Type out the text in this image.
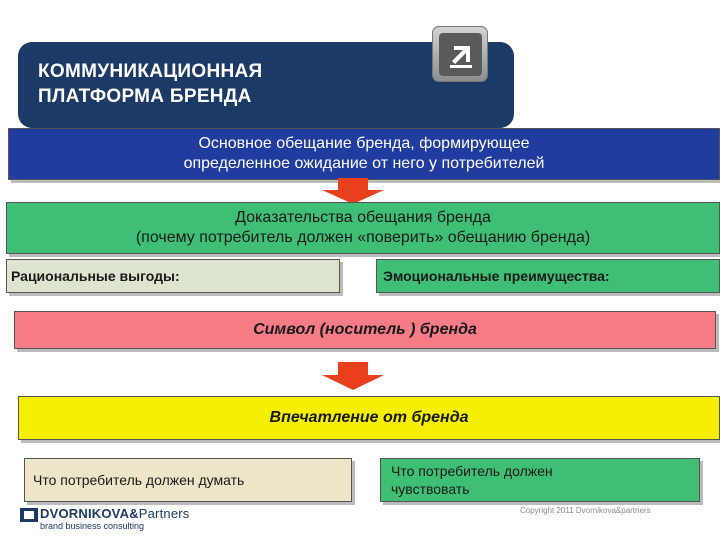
КОММУНИКАЦИОННАЯ
ПЛАТФОРМА БРЕНДА
Основное обещание бренда, формирующее
определенное ожидание от него у потребителей
Доказательства обещания бренда
(почему потребитель должен «поверить» обещанию бренда)
Рациональные выгоды:	Эмоциональные преимущества:
Символ (носитель ) бренда
Впечатление от бренда
Что потребитель должен думать
Что потребитель должен
чувствовать
DVORNIKOVA&Partners
brand business consulting
Copyright 2011 Dvornikova&partners
